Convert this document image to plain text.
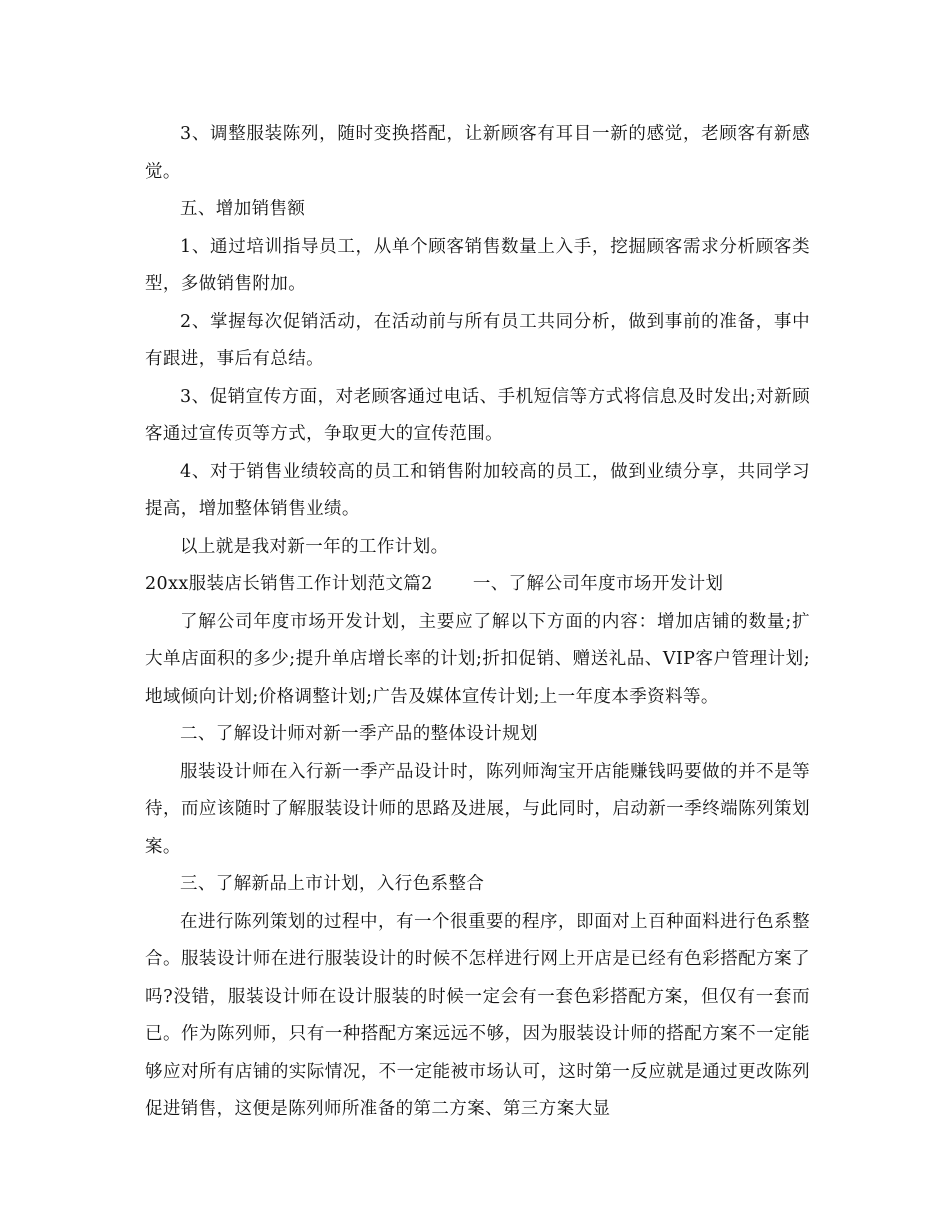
3、调整服装陈列，随时变换搭配，让新顾客有耳目一新的感觉，老顾客有新感觉。

五、增加销售额

1、通过培训指导员工，从单个顾客销售数量上入手，挖掘顾客需求分析顾客类型，多做销售附加。

2、掌握每次促销活动，在活动前与所有员工共同分析，做到事前的准备，事中有跟进，事后有总结。

3、促销宣传方面，对老顾客通过电话、手机短信等方式将信息及时发出;对新顾客通过宣传页等方式，争取更大的宣传范围。

4、对于销售业绩较高的员工和销售附加较高的员工，做到业绩分享，共同学习提高，增加整体销售业绩。

以上就是我对新一年的工作计划。

20xx服装店长销售工作计划范文篇2 一、了解公司年度市场开发计划

了解公司年度市场开发计划，主要应了解以下方面的内容：增加店铺的数量;扩大单店面积的多少;提升单店增长率的计划;折扣促销、赠送礼品、VIP客户管理计划;地域倾向计划;价格调整计划;广告及媒体宣传计划;上一年度本季资料等。

二、了解设计师对新一季产品的整体设计规划

服装设计师在入行新一季产品设计时，陈列师淘宝开店能赚钱吗要做的并不是等待，而应该随时了解服装设计师的思路及进展，与此同时，启动新一季终端陈列策划案。

三、了解新品上市计划，入行色系整合

在进行陈列策划的过程中，有一个很重要的程序，即面对上百种面料进行色系整合。服装设计师在进行服装设计的时候不怎样进行网上开店是已经有色彩搭配方案了吗?没错，服装设计师在设计服装的时候一定会有一套色彩搭配方案，但仅有一套而已。作为陈列师，只有一种搭配方案远远不够，因为服装设计师的搭配方案不一定能够应对所有店铺的实际情况，不一定能被市场认可，这时第一反应就是通过更改陈列促进销售，这便是陈列师所准备的第二方案、第三方案大显
